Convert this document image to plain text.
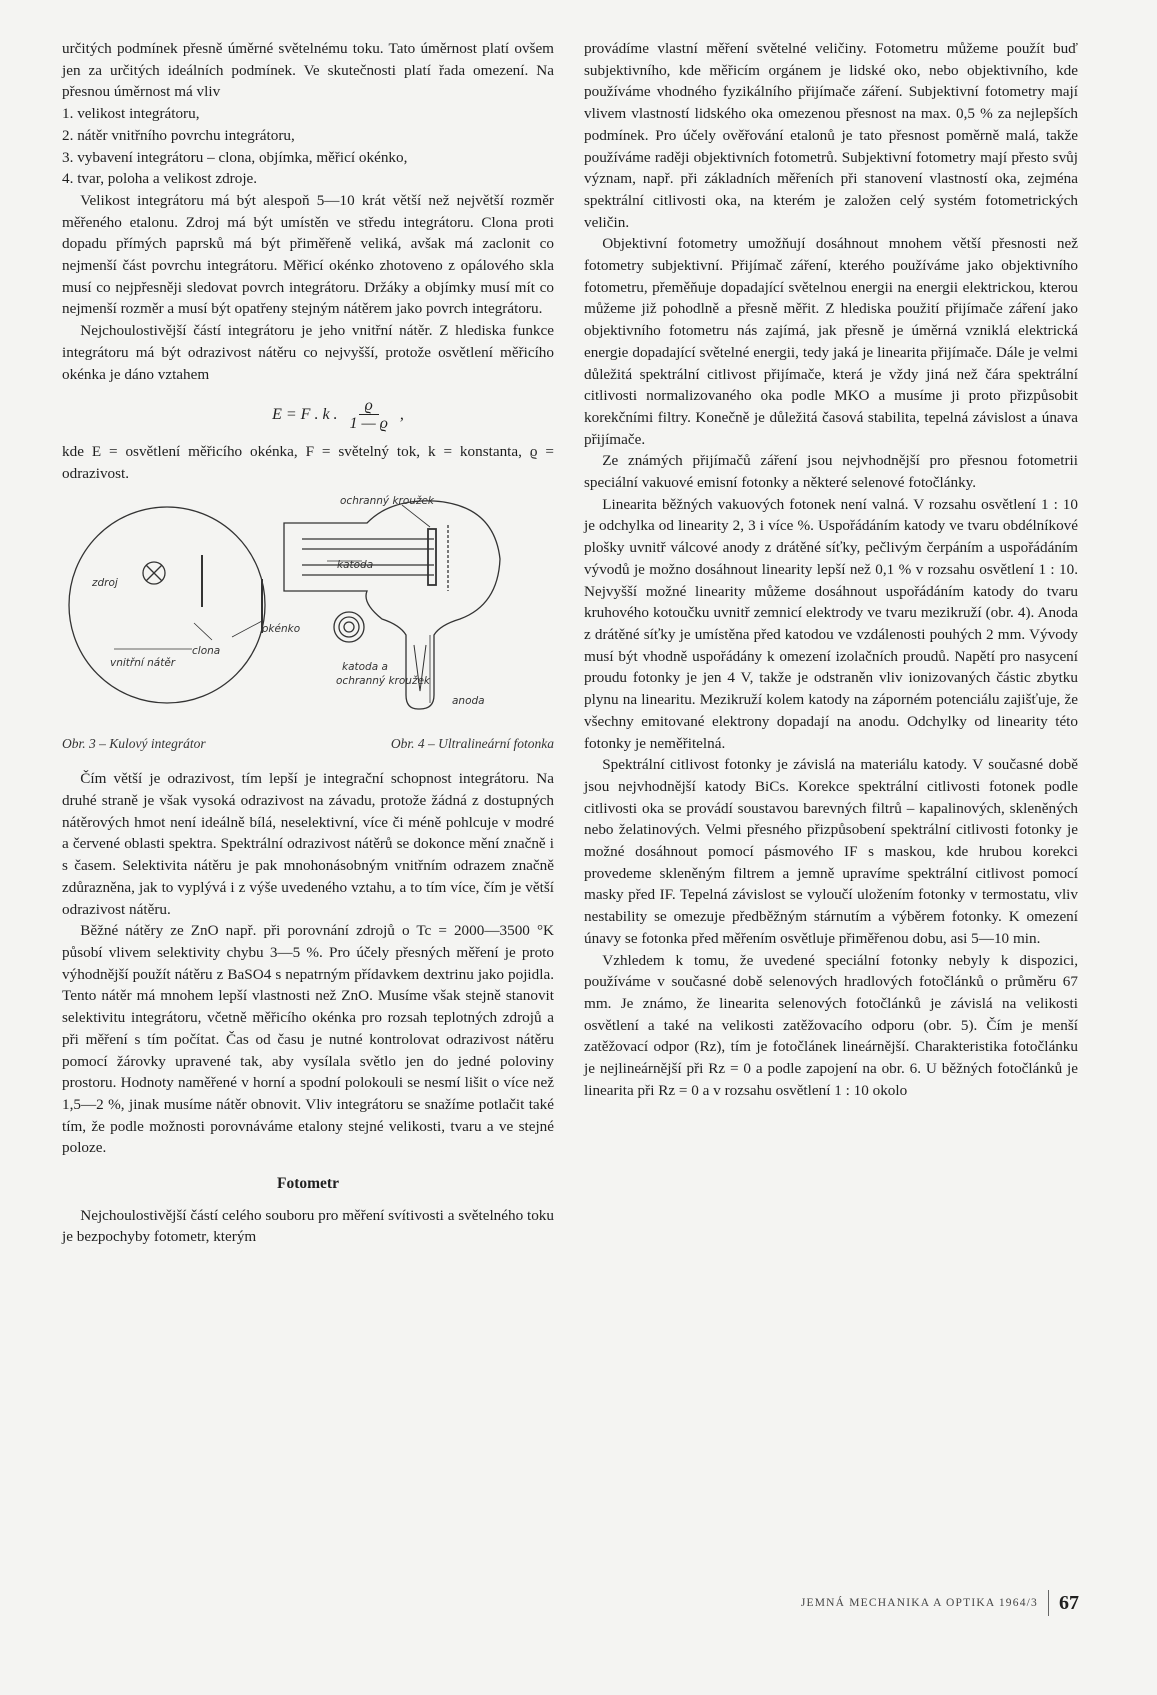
určitých podmínek přesně úměrné světelnému toku. Tato úměrnost platí ovšem jen za určitých ideálních podmínek. Ve skutečnosti platí řada omezení. Na přesnou úměrnost má vliv

1. velikost integrátoru,
2. nátěr vnitřního povrchu integrátoru,
3. vybavení integrátoru – clona, objímka, měřicí okénko,
4. tvar, poloha a velikost zdroje.

Velikost integrátoru má být alespoň 5—10 krát větší než největší rozměr měřeného etalonu. Zdroj má být umístěn ve středu integrátoru. Clona proti dopadu přímých paprsků má být přiměřeně veliká, avšak má zaclonit co nejmenší část povrchu integrátoru. Měřicí okénko zhotoveno z opálového skla musí co nejpřesněji sledovat povrch integrátoru. Držáky a objímky musí mít co nejmenší rozměr a musí být opatřeny stejným nátěrem jako povrch integrátoru.

Nejchoulostivější částí integrátoru je jeho vnitřní nátěr. Z hlediska funkce integrátoru má být odrazivost nátěru co nejvyšší, protože osvětlení měřicího okénka je dáno vztahem

E = F . k . $\frac{ϱ}{1 — ϱ}$ ,

kde E = osvětlení měřicího okénka, F = světelný tok, k = konstanta, ϱ = odrazivost.

zdroj
clona
okénko
vnitřní nátěr
ochranný kroužek
katoda
katoda a
ochranný kroužek
anoda
Obr. 3 – Kulový integrátor	Obr. 4 – Ultralineární fotonka

Čím větší je odrazivost, tím lepší je integrační schopnost integrátoru. Na druhé straně je však vysoká odrazivost na závadu, protože žádná z dostupných nátěrových hmot není ideálně bílá, neselektivní, více či méně pohlcuje v modré a červené oblasti spektra. Spektrální odrazivost nátěrů se dokonce mění značně i s časem. Selektivita nátěru je pak mnohonásobným vnitřním odrazem značně zdůrazněna, jak to vyplývá i z výše uvedeného vztahu, a to tím více, čím je větší odrazivost nátěru.

Běžné nátěry ze ZnO např. při porovnání zdrojů o Tc = 2000—3500 °K působí vlivem selektivity chybu 3—5 %. Pro účely přesných měření je proto výhodnější použít nátěru z BaSO4 s nepatrným přídavkem dextrinu jako pojidla. Tento nátěr má mnohem lepší vlastnosti než ZnO. Musíme však stejně stanovit selektivitu integrátoru, včetně měřicího okénka pro rozsah teplotných zdrojů a při měření s tím počítat. Čas od času je nutné kontrolovat odrazivost nátěru pomocí žárovky upravené tak, aby vysílala světlo jen do jedné poloviny prostoru. Hodnoty naměřené v horní a spodní polokouli se nesmí lišit o více než 1,5—2 %, jinak musíme nátěr obnovit. Vliv integrátoru se snažíme potlačit také tím, že podle možnosti porovnáváme etalony stejné velikosti, tvaru a ve stejné poloze.

Fotometr

Nejchoulostivější částí celého souboru pro měření svítivosti a světelného toku je bezpochyby fotometr, kterým

provádíme vlastní měření světelné veličiny. Fotometru můžeme použít buď subjektivního, kde měřicím orgánem je lidské oko, nebo objektivního, kde používáme vhodného fyzikálního přijímače záření. Subjektivní fotometry mají vlivem vlastností lidského oka omezenou přesnost na max. 0,5 % za nejlepších podmínek. Pro účely ověřování etalonů je tato přesnost poměrně malá, takže používáme raději objektivních fotometrů. Subjektivní fotometry mají přesto svůj význam, např. při základních měřeních při stanovení vlastností oka, zejména spektrální citlivosti oka, na kterém je založen celý systém fotometrických veličin.

Objektivní fotometry umožňují dosáhnout mnohem větší přesnosti než fotometry subjektivní. Přijímač záření, kterého používáme jako objektivního fotometru, přeměňuje dopadající světelnou energii na energii elektrickou, kterou můžeme již pohodlně a přesně měřit. Z hlediska použití přijímače záření jako objektivního fotometru nás zajímá, jak přesně je úměrná vzniklá elektrická energie dopadající světelné energii, tedy jaká je linearita přijímače. Dále je velmi důležitá spektrální citlivost přijímače, která je vždy jiná než čára spektrální citlivosti normalizovaného oka podle MKO a musíme ji proto přizpůsobit korekčními filtry. Konečně je důležitá časová stabilita, tepelná závislost a únava přijímače.

Ze známých přijímačů záření jsou nejvhodnější pro přesnou fotometrii speciální vakuové emisní fotonky a některé selenové fotočlánky.

Linearita běžných vakuových fotonek není valná. V rozsahu osvětlení 1 : 10 je odchylka od linearity 2, 3 i více %. Uspořádáním katody ve tvaru obdélníkové plošky uvnitř válcové anody z drátěné síťky, pečlivým čerpáním a uspořádáním vývodů je možno dosáhnout linearity lepší než 0,1 % v rozsahu osvětlení 1 : 10. Nejvyšší možné linearity můžeme dosáhnout uspořádáním katody do tvaru kruhového kotoučku uvnitř zemnicí elektrody ve tvaru mezikruží (obr. 4). Anoda z drátěné síťky je umístěna před katodou ve vzdálenosti pouhých 2 mm. Vývody musí být vhodně uspořádány k omezení izolačních proudů. Napětí pro nasycení proudu fotonky je jen 4 V, takže je odstraněn vliv ionizovaných částic zbytku plynu na linearitu. Mezikruží kolem katody na záporném potenciálu zajišťuje, že všechny emitované elektrony dopadají na anodu. Odchylky od linearity této fotonky je neměřitelná.

Spektrální citlivost fotonky je závislá na materiálu katody. V současné době jsou nejvhodnější katody BiCs. Korekce spektrální citlivosti fotonek podle citlivosti oka se provádí soustavou barevných filtrů – kapalinových, skleněných nebo želatinových. Velmi přesného přizpůsobení spektrální citlivosti fotonky je možné dosáhnout pomocí pásmového IF s maskou, kde hrubou korekci provedeme skleněným filtrem a jemně upravíme spektrální citlivost pomocí masky před IF. Tepelná závislost se vyloučí uložením fotonky v termostatu, vliv nestability se omezuje předběžným stárnutím a výběrem fotonky. K omezení únavy se fotonka před měřením osvětluje přiměřenou dobu, asi 5—10 min.

Vzhledem k tomu, že uvedené speciální fotonky nebyly k dispozici, používáme v současné době selenových hradlových fotočlánků o průměru 67 mm. Je známo, že linearita selenových fotočlánků je závislá na velikosti osvětlení a také na velikosti zatěžovacího odporu (obr. 5). Čím je menší zatěžovací odpor (Rz), tím je fotočlánek lineárnější. Charakteristika fotočlánku je nejlineárnější při Rz = 0 a podle zapojení na obr. 6. U běžných fotočlánků je linearita při Rz = 0 a v rozsahu osvětlení 1 : 10 okolo

JEMNÁ MECHANIKA A OPTIKA 1964/3 67
